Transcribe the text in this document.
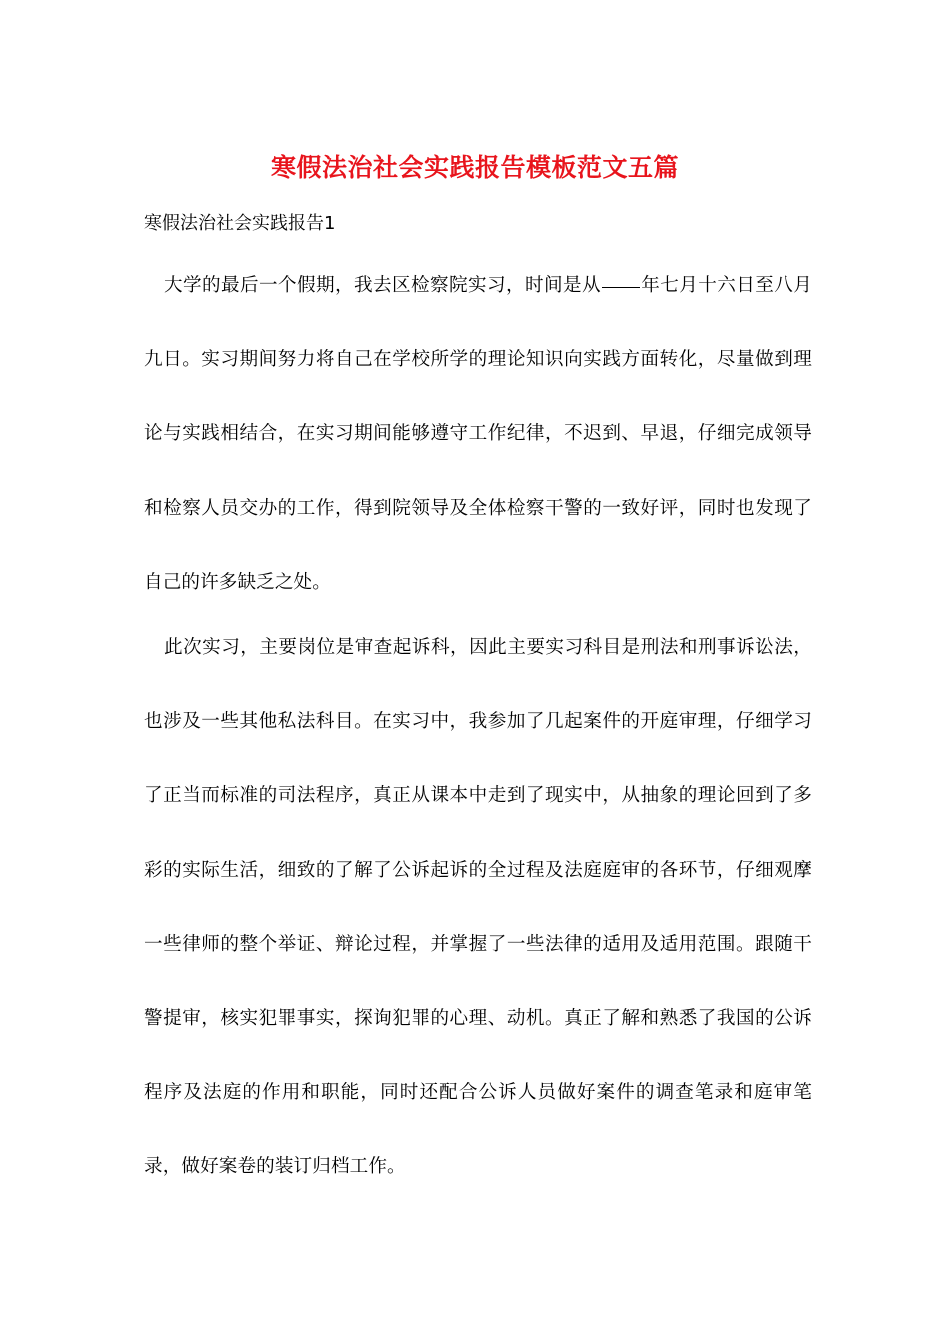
寒假法治社会实践报告模板范文五篇
寒假法治社会实践报告1

大学的最后一个假期，我去区检察院实习，时间是从 年七月十六日至八月九日。实习期间努力将自己在学校所学的理论知识向实践方面转化，尽量做到理论与实践相结合，在实习期间能够遵守工作纪律，不迟到、早退，仔细完成领导和检察人员交办的工作，得到院领导及全体检察干警的一致好评，同时也发现了自己的许多缺乏之处。

此次实习，主要岗位是审查起诉科，因此主要实习科目是刑法和刑事诉讼法，也涉及一些其他私法科目。在实习中，我参加了几起案件的开庭审理，仔细学习了正当而标准的司法程序，真正从课本中走到了现实中，从抽象的理论回到了多彩的实际生活，细致的了解了公诉起诉的全过程及法庭庭审的各环节，仔细观摩一些律师的整个举证、辩论过程，并掌握了一些法律的适用及适用范围。跟随干警提审，核实犯罪事实，探询犯罪的心理、动机。真正了解和熟悉了我国的公诉程序及法庭的作用和职能，同时还配合公诉人员做好案件的调查笔录和庭审笔录，做好案卷的装订归档工作。
